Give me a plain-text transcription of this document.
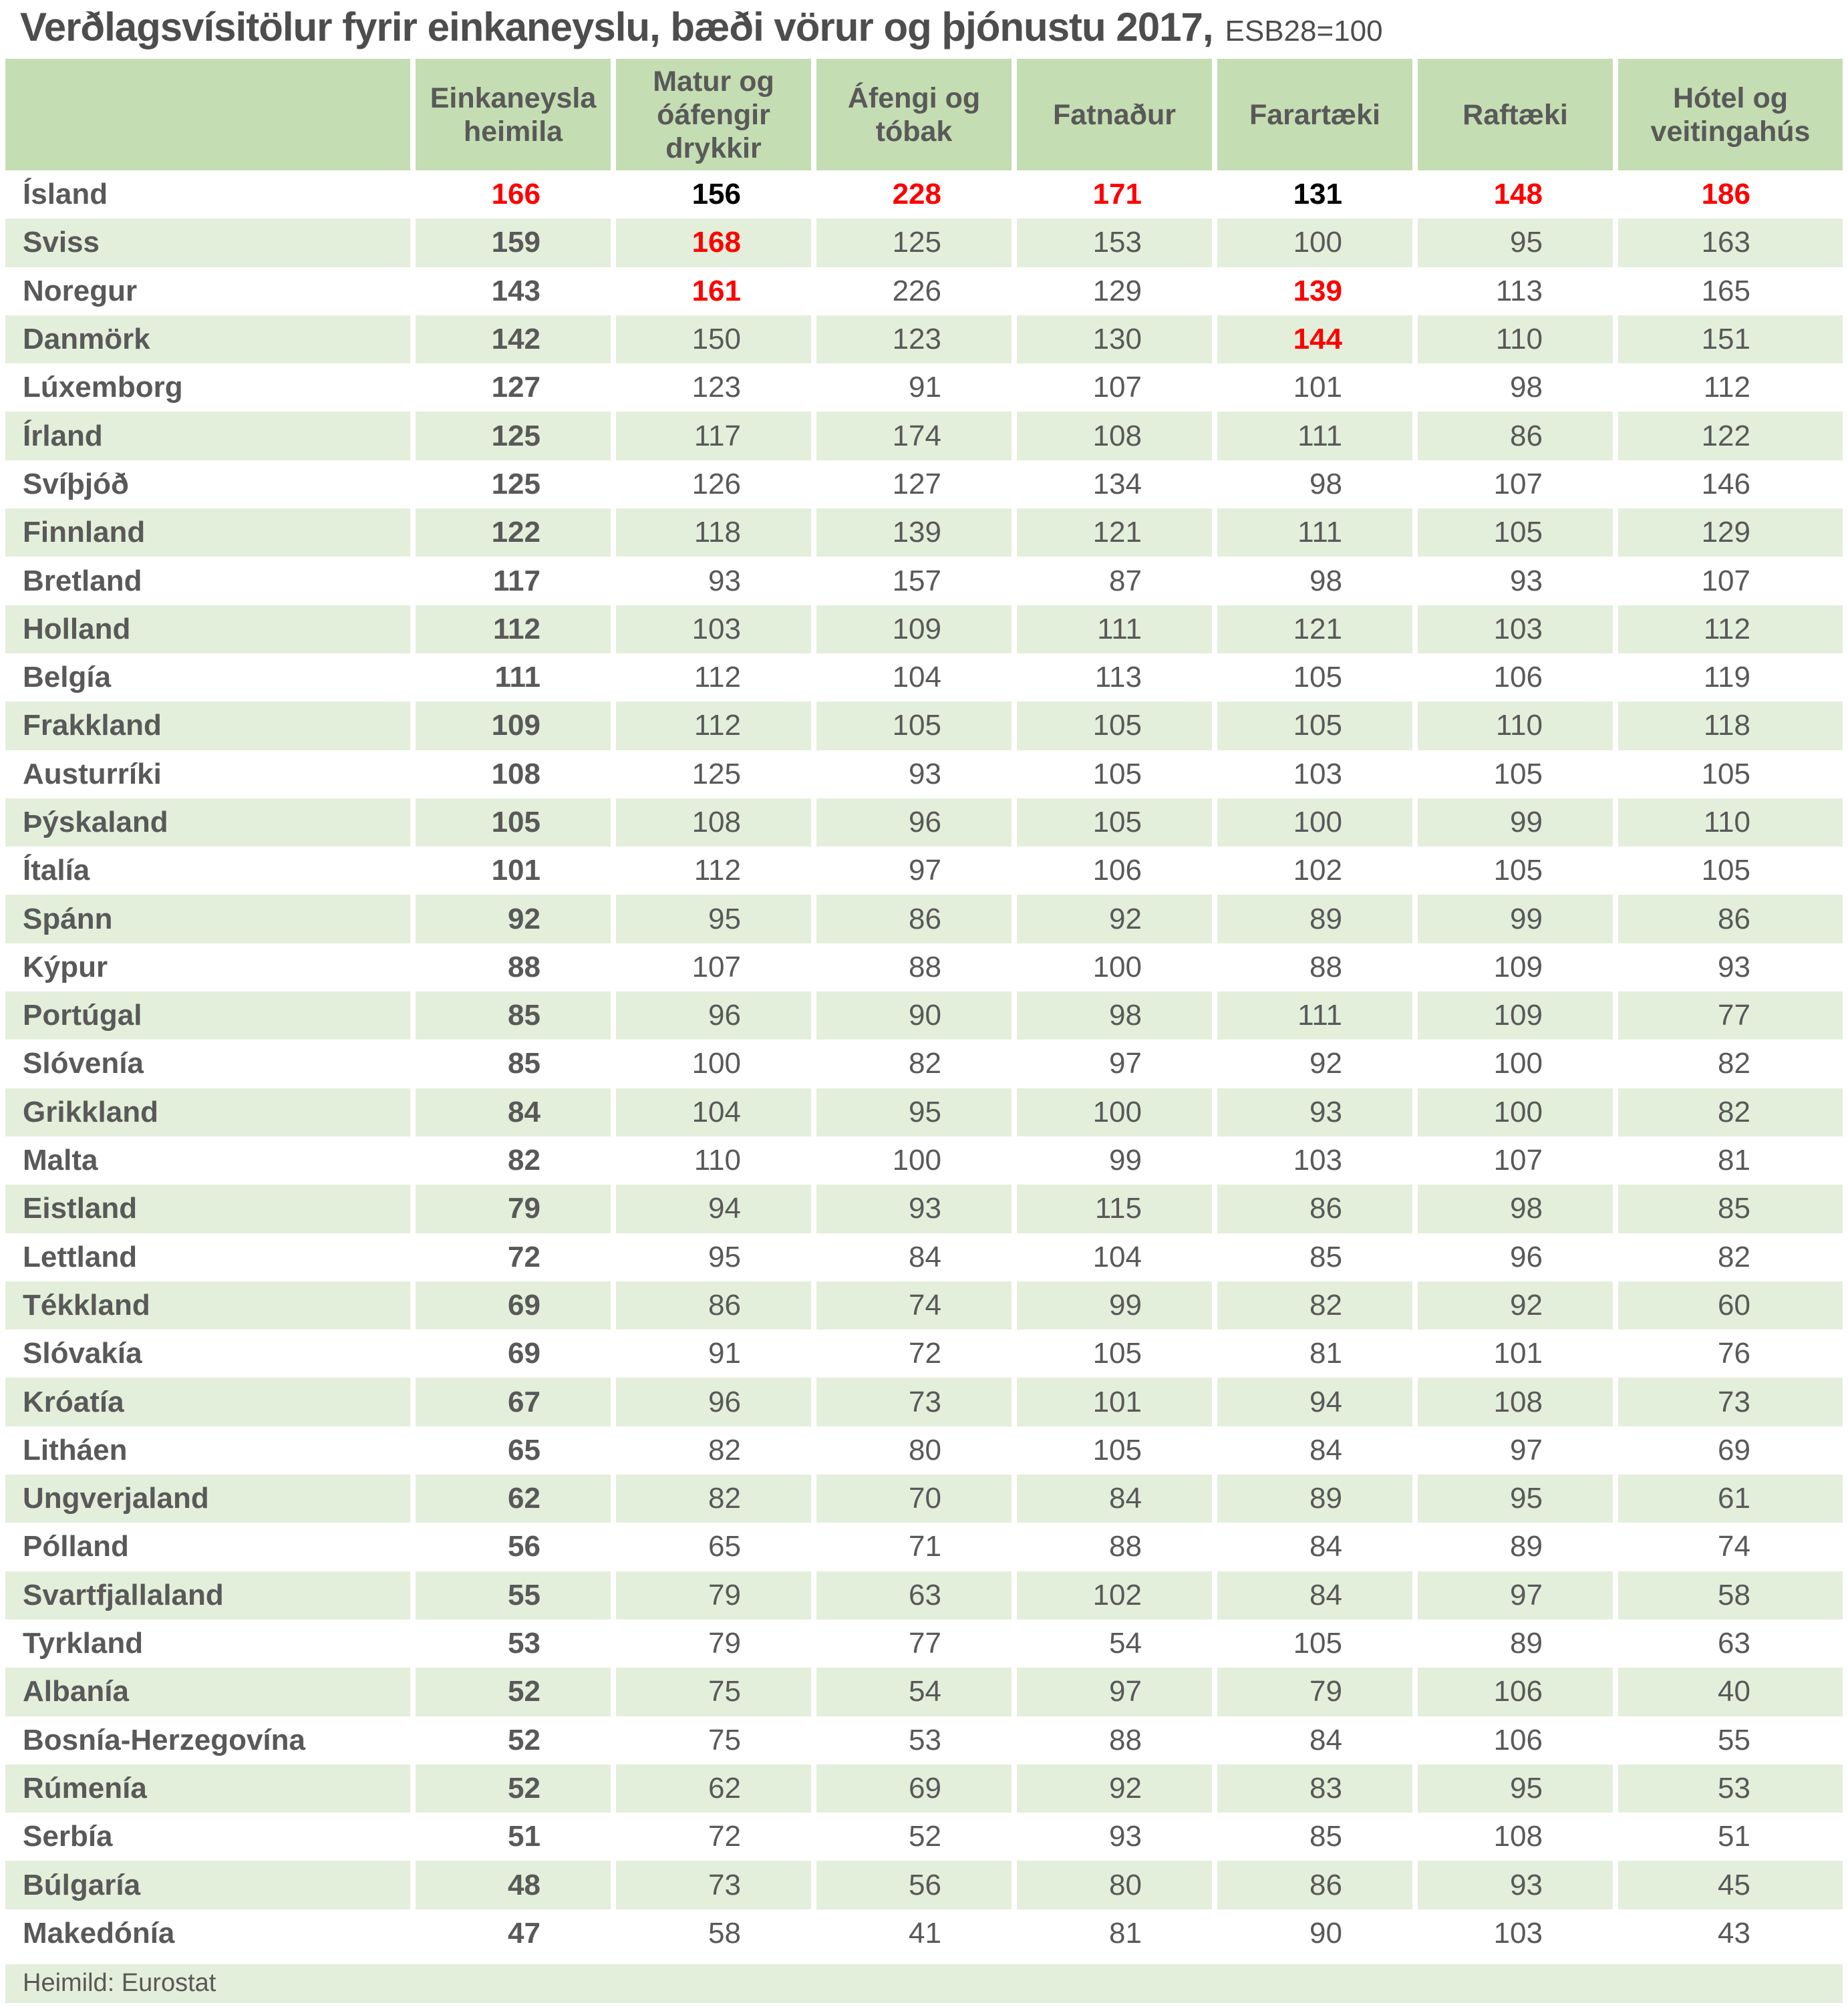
Verðlagsvísitölur fyrir einkaneyslu, bæði vörur og þjónustu 2017, ESB28=100
	Einkaneysla heimila	Matur og óáfengir drykkir	Áfengi og tóbak	Fatnaður	Farartæki	Raftæki	Hótel og veitingahús
Ísland	166	156	228	171	131	148	186
Sviss	159	168	125	153	100	95	163
Noregur	143	161	226	129	139	113	165
Danmörk	142	150	123	130	144	110	151
Lúxemborg	127	123	91	107	101	98	112
Írland	125	117	174	108	111	86	122
Svíþjóð	125	126	127	134	98	107	146
Finnland	122	118	139	121	111	105	129
Bretland	117	93	157	87	98	93	107
Holland	112	103	109	111	121	103	112
Belgía	111	112	104	113	105	106	119
Frakkland	109	112	105	105	105	110	118
Austurríki	108	125	93	105	103	105	105
Þýskaland	105	108	96	105	100	99	110
Ítalía	101	112	97	106	102	105	105
Spánn	92	95	86	92	89	99	86
Kýpur	88	107	88	100	88	109	93
Portúgal	85	96	90	98	111	109	77
Slóvenía	85	100	82	97	92	100	82
Grikkland	84	104	95	100	93	100	82
Malta	82	110	100	99	103	107	81
Eistland	79	94	93	115	86	98	85
Lettland	72	95	84	104	85	96	82
Tékkland	69	86	74	99	82	92	60
Slóvakía	69	91	72	105	81	101	76
Króatía	67	96	73	101	94	108	73
Litháen	65	82	80	105	84	97	69
Ungverjaland	62	82	70	84	89	95	61
Pólland	56	65	71	88	84	89	74
Svartfjallaland	55	79	63	102	84	97	58
Tyrkland	53	79	77	54	105	89	63
Albanía	52	75	54	97	79	106	40
Bosnía-Herzegovína	52	75	53	88	84	106	55
Rúmenía	52	62	69	92	83	95	53
Serbía	51	72	52	93	85	108	51
Búlgaría	48	73	56	80	86	93	45
Makedónía	47	58	41	81	90	103	43
Heimild: Eurostat
